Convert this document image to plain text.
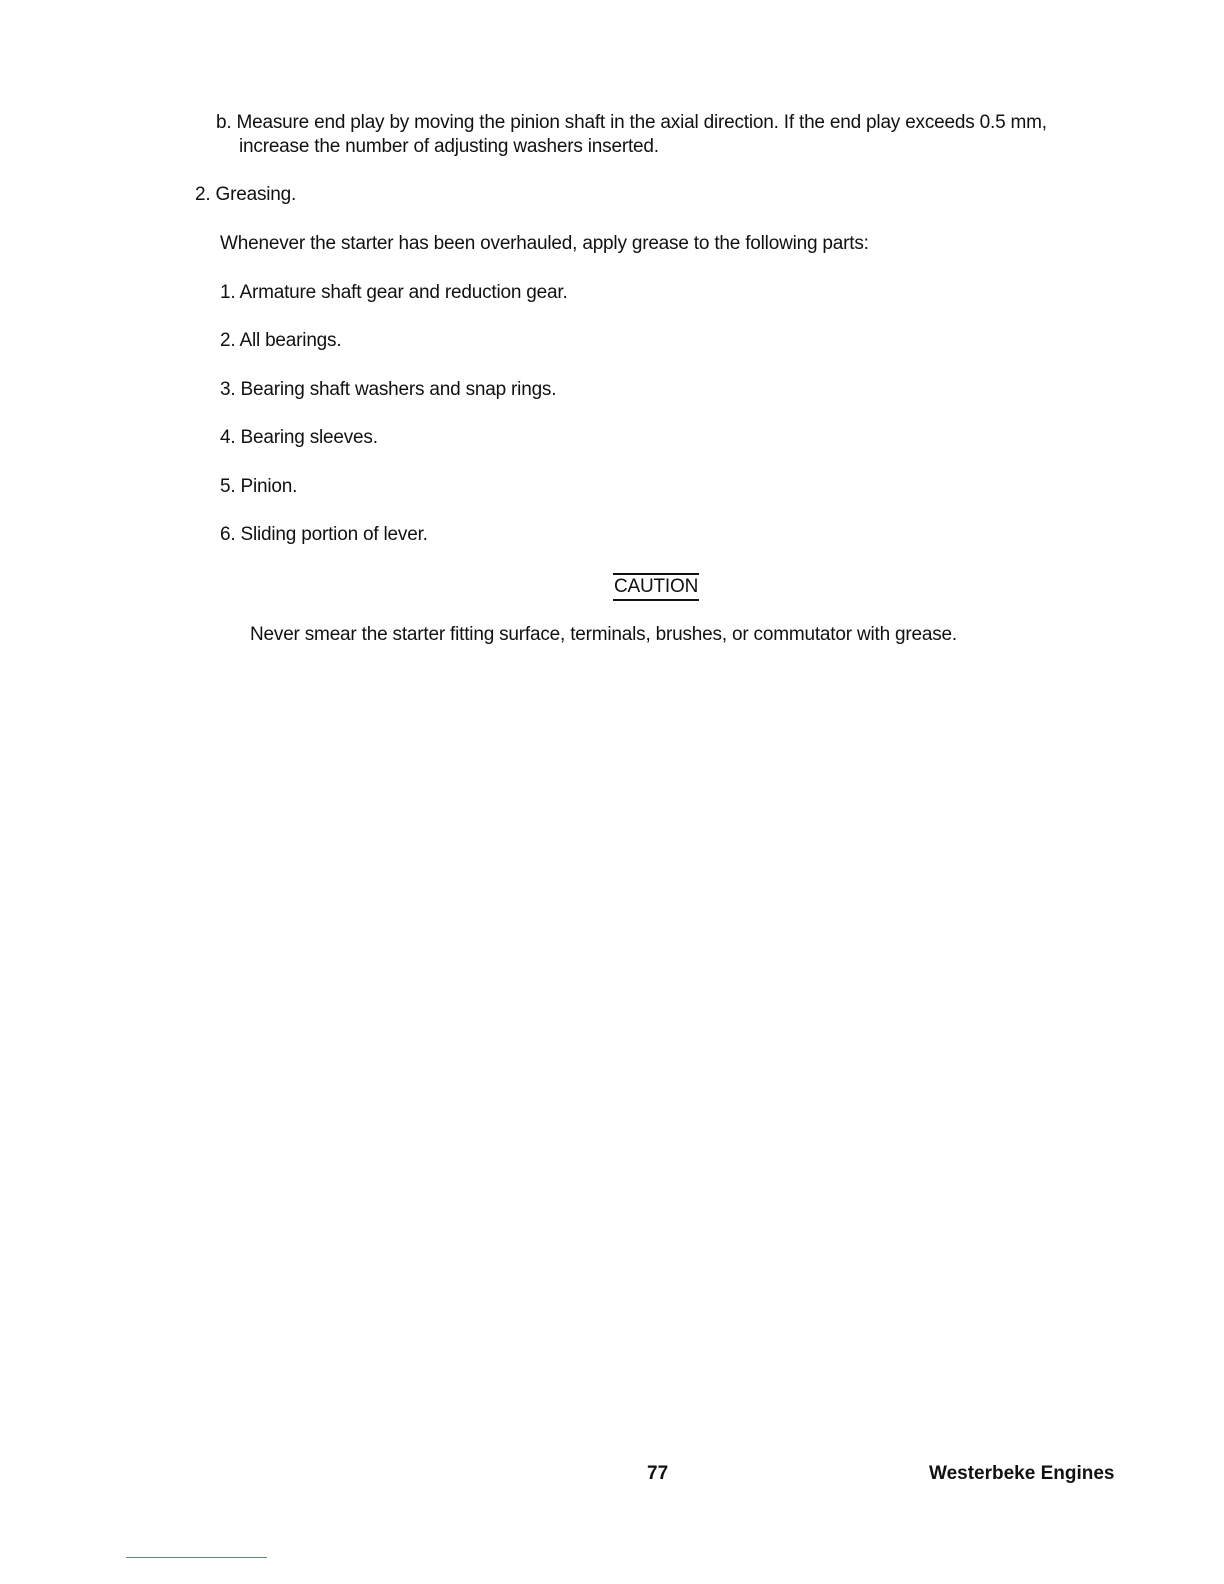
b. Measure end play by moving the pinion shaft in the axial direction. If the end play exceeds 0.5 mm,
increase the number of adjusting washers inserted.
2. Greasing.
Whenever the starter has been overhauled, apply grease to the following parts:
1. Armature shaft gear and reduction gear.
2. All bearings.
3. Bearing shaft washers and snap rings.
4. Bearing sleeves.
5. Pinion.
6. Sliding portion of lever.
CAUTION
Never smear the starter fitting surface, terminals, brushes, or commutator with grease.
77	Westerbeke Engines
